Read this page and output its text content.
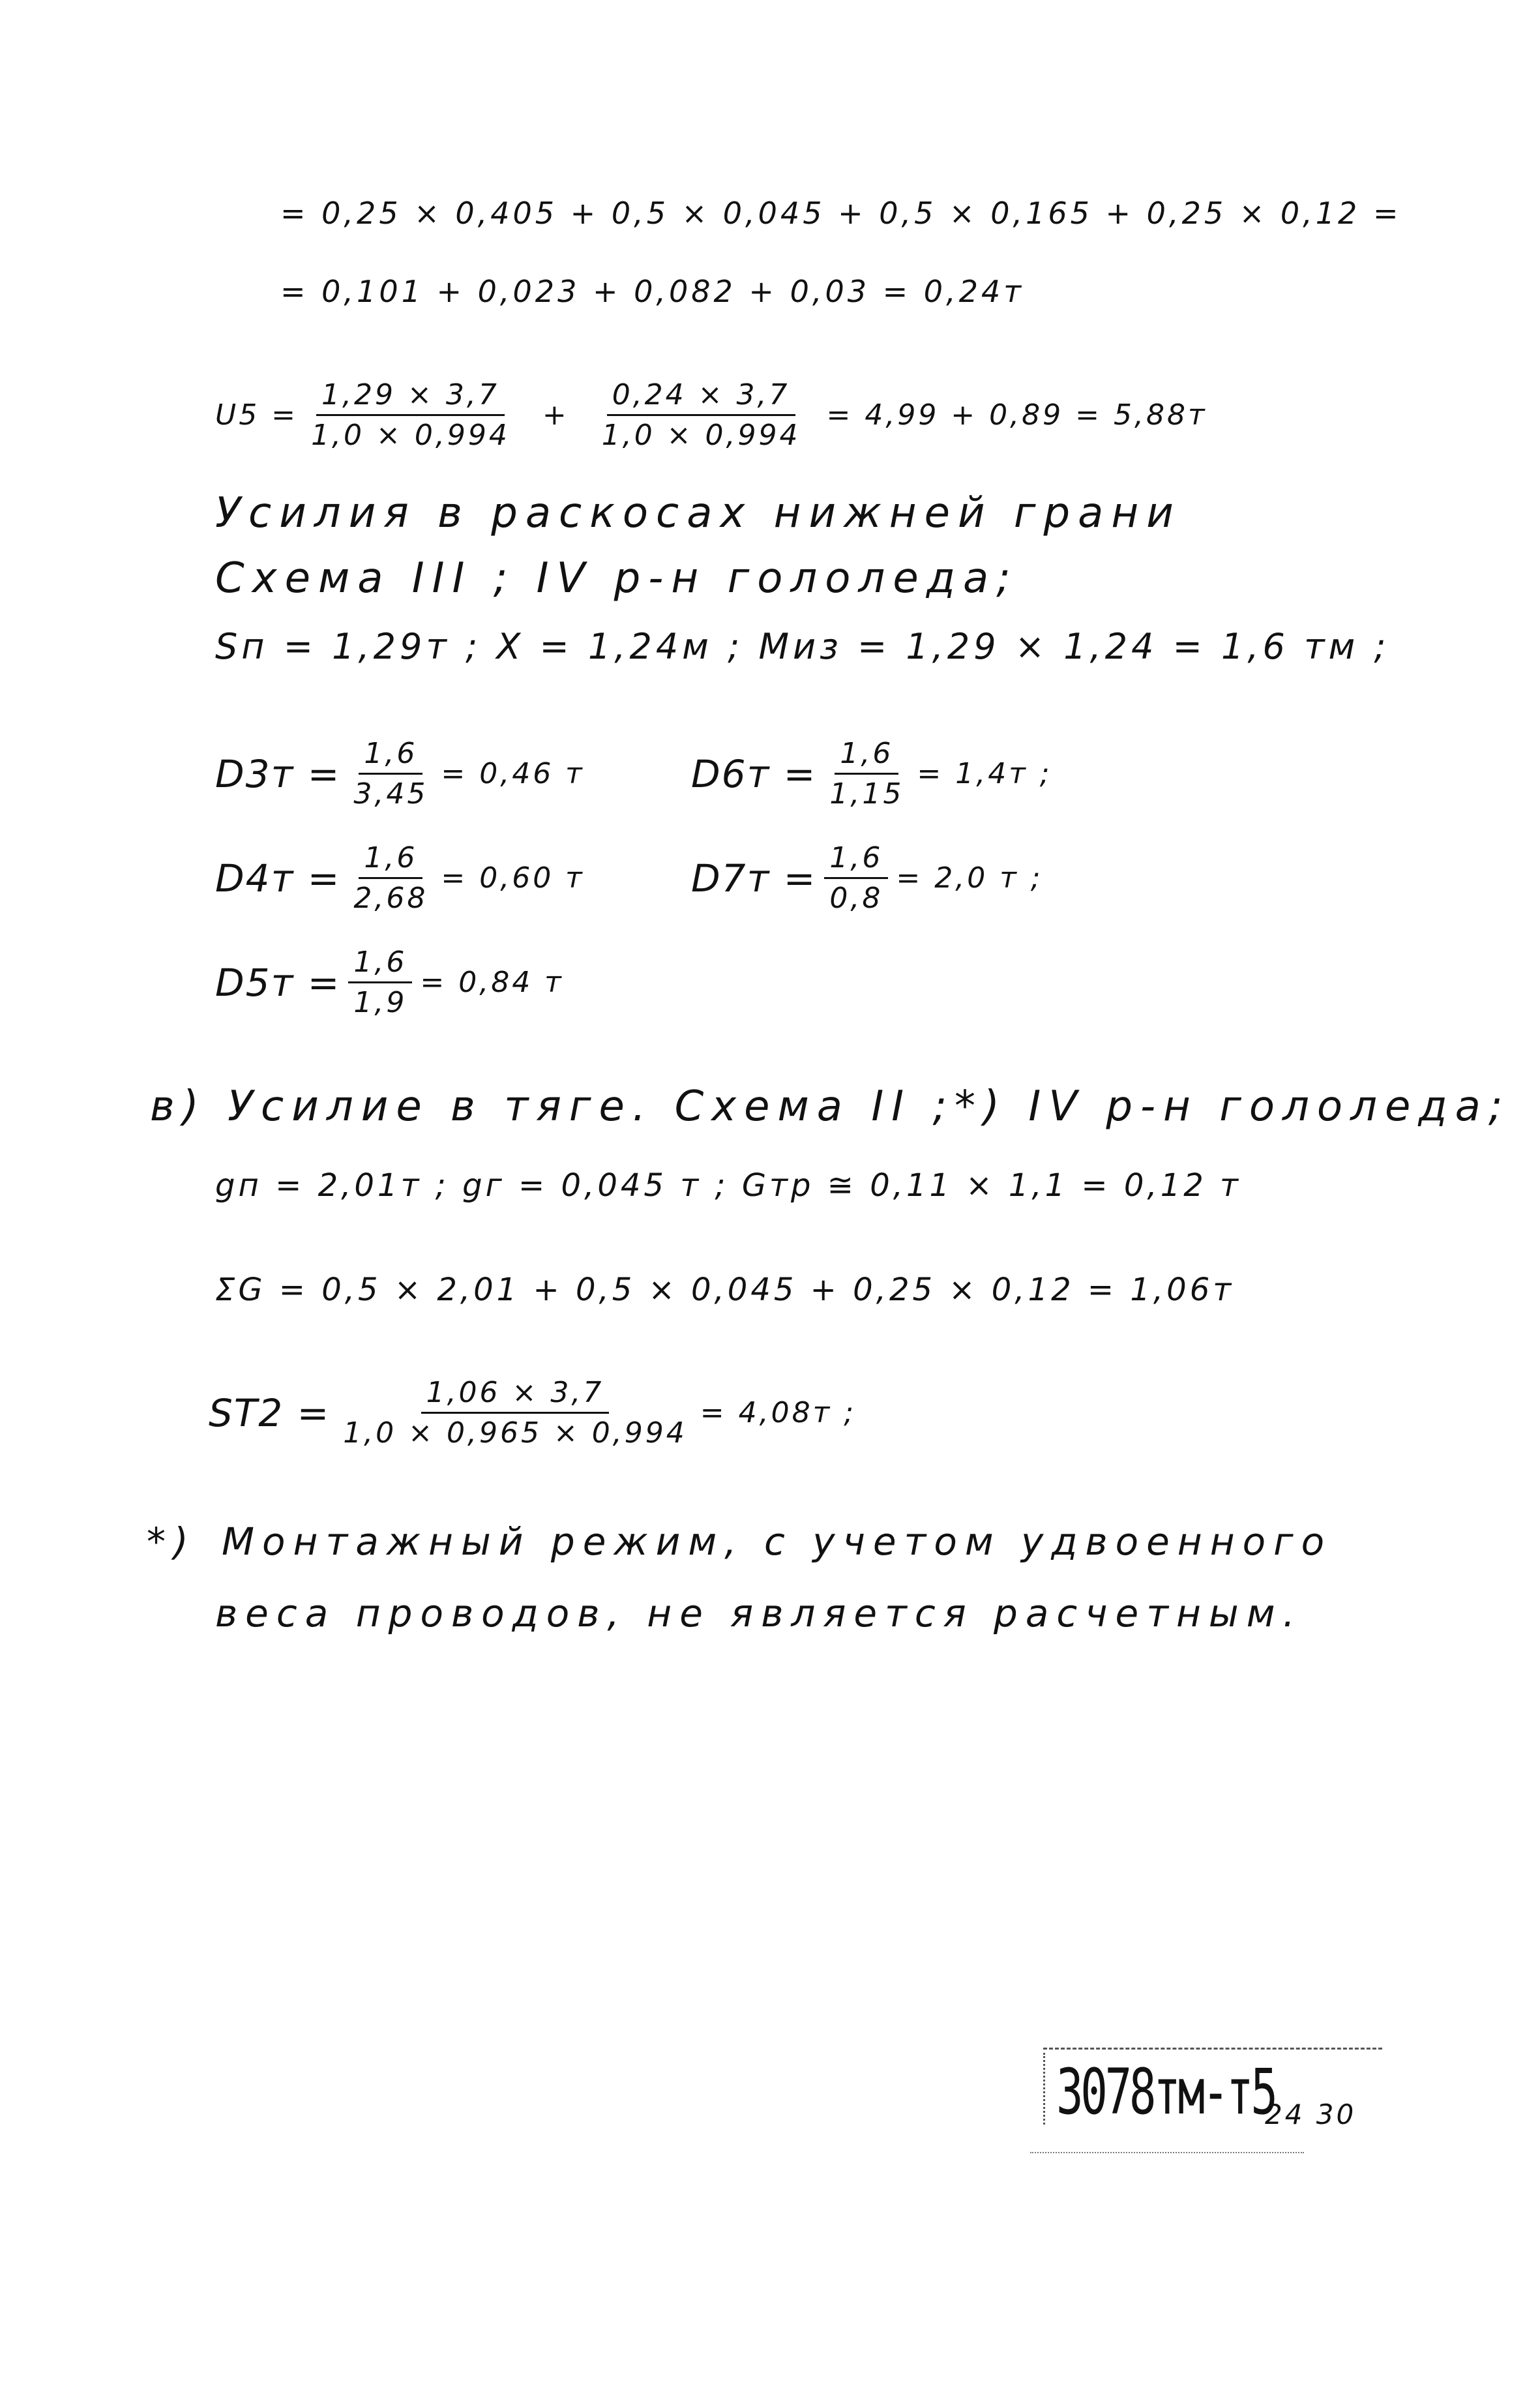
= 0,25 × 0,405 + 0,5 × 0,045 + 0,5 × 0,165 + 0,25 × 0,12 =
= 0,101 + 0,023 + 0,082 + 0,03 = 0,24т
$U5 = \frac{1,29 \times 3,7}{1,0 \times 0,994} + \frac{0,24 \times 3,7}{1,0 \times 0,994} = 4,99 + 0,89 = 5,88т$
Усилия в раскосах нижней грани
Схема III ; IV р-н гололеда;
Sп = 1,29т ; X = 1,24м ; Mиз = 1,29 × 1,24 = 1,6 тм ;
$D3т = \frac{1,6}{3,45} = 0,46$ т
$D4т = \frac{1,6}{2,68} = 0,60$ т
$D5т = \frac{1,6}{1,9} = 0,84$ т
$D6т = \frac{1,6}{1,15} = 1,4т$ ;
$D7т = \frac{1,6}{0,8} = 2,0$ т ;
в) Усилие в тяге. Схема II ;*) IV р-н гололеда;
gп = 2,01т ; gг = 0,045 т ; Gтр ≅ 0,11 × 1,1 = 0,12 т
ΣG = 0,5 × 2,01 + 0,5 × 0,045 + 0,25 × 0,12 = 1,06т
$ST2 = \frac{1,06 \times 3,7}{1,0 \times 0,965 \times 0,994} = 4,08т$ ;
*) Монтажный режим, с учетом удвоенного
веса проводов, не является расчетным.
3078тм-т5
24 30
